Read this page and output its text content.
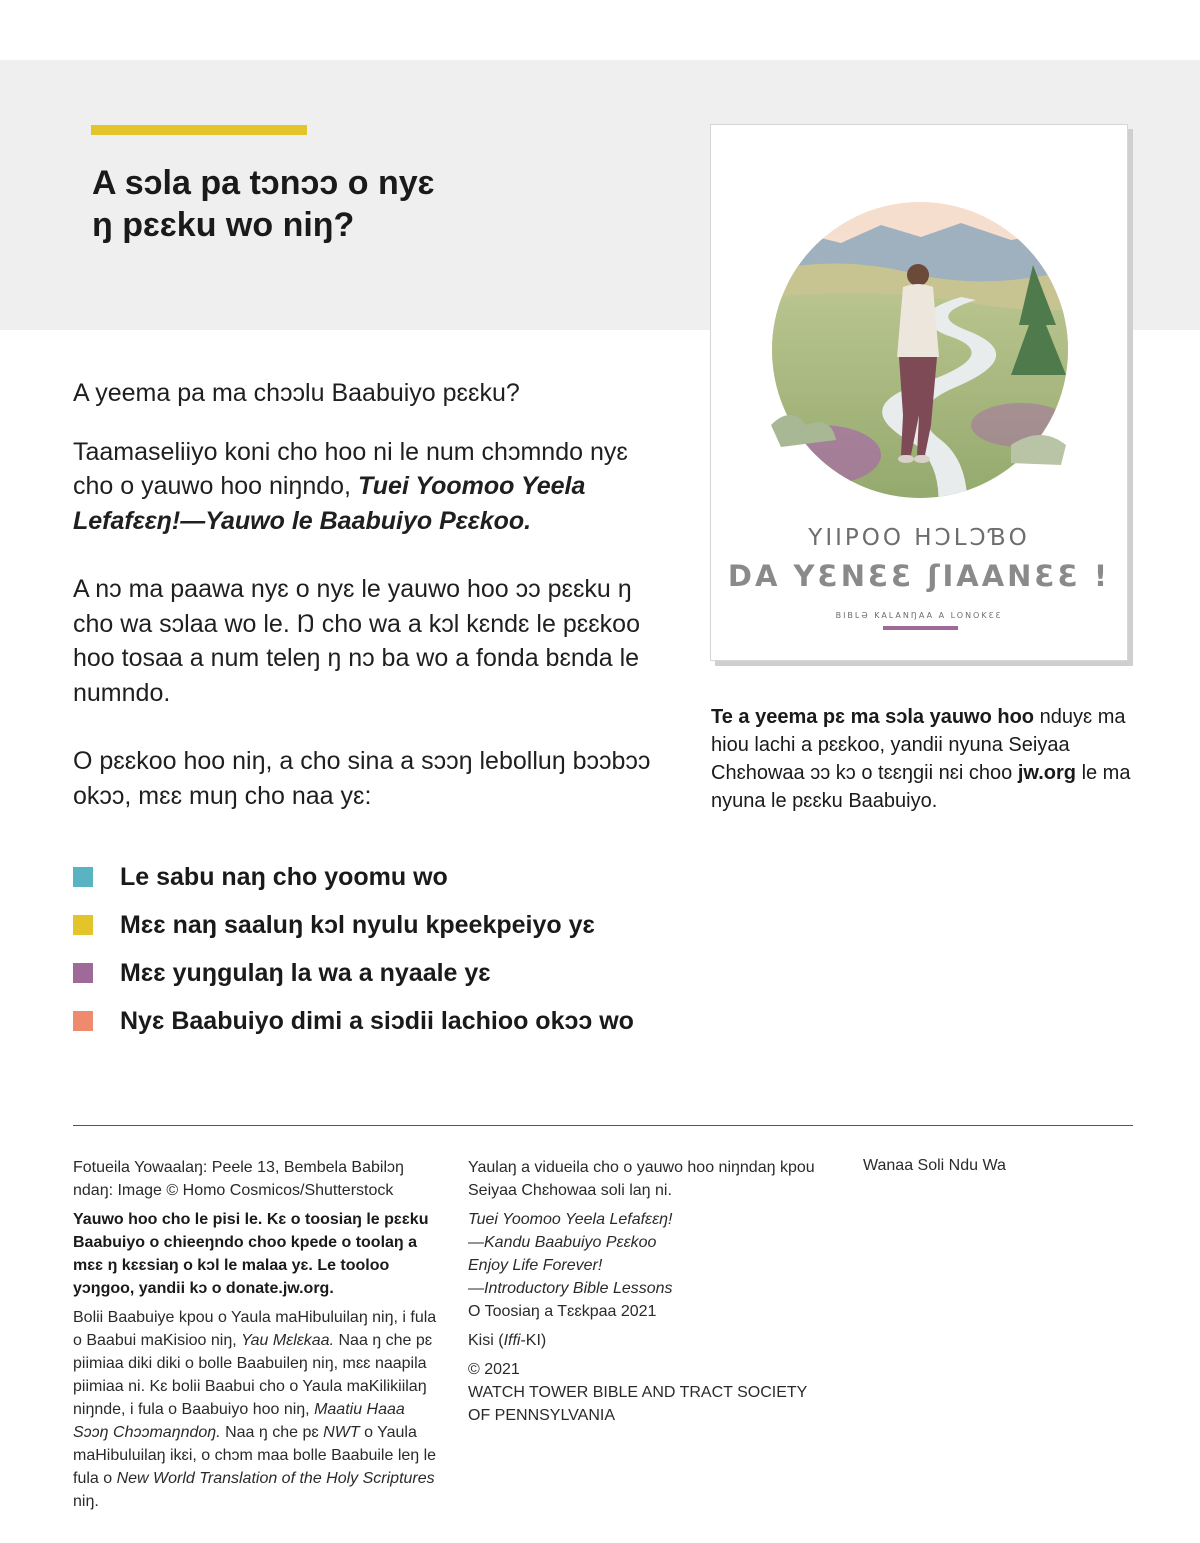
A sɔla pa tɔnɔɔ o nyɛ
ŋ pɛɛku wo niŋ?

A yeema pa ma chɔɔlu Baabuiyo pɛɛku?

Taamaseliiyo koni cho hoo ni le num chɔmndo nyɛ cho o yauwo hoo niŋndo, Tuei Yoomoo Yeela Lefafɛɛŋ!—Yauwo le Baabuiyo Pɛɛkoo.

A nɔ ma paawa nyɛ o nyɛ le yauwo hoo ɔɔ pɛɛku ŋ cho wa sɔlaa wo le. Ŋ cho wa a kɔl kɛndɛ le pɛɛkoo hoo tosaa a num teleŋ ŋ nɔ ba wo a fonda bɛnda le numndo.

O pɛɛkoo hoo niŋ, a cho sina a sɔɔŋ lebolluŋ bɔɔbɔɔ okɔɔ, mɛɛ muŋ cho naa yɛ:

Le sabu naŋ cho yoomu wo
Mɛɛ naŋ saaluŋ kɔl nyulu kpeekpeiyo yɛ
Mɛɛ yuŋgulaŋ la wa a nyaale yɛ
Nyɛ Baabuiyo dimi a siɔdii lachioo okɔɔ wo
YIIPOO HƆLƆƁO
DA YƐNƐƐ ʃIAANƐƐ !
BIBLƏ KALANŊAA A LONOKƐƐ
Te a yeema pɛ ma sɔla yauwo hoo nduyɛ ma hiou lachi a pɛɛkoo, yandii nyuna Seiyaa Chɛhowaa ɔɔ kɔ o tɛɛŋgii nɛi choo jw.org le ma nyuna le pɛɛku Baabuiyo.

Fotueila Yowaalaŋ: Peele 13, Bembela Babilɔŋ ndaŋ: Image © Homo Cosmicos/Shutterstock

Yauwo hoo cho le pisi le. Kɛ o toosiaŋ le pɛɛku Baabuiyo o chieeŋndo choo kpede o toolaŋ a mɛɛ ŋ kɛɛsiaŋ o kɔl le malaa yɛ. Le tooloo yɔŋgoo, yandii kɔ o donate.jw.org.

Bolii Baabuiye kpou o Yaula maHibuluilaŋ niŋ, i fula o Baabui maKisioo niŋ, Yau Mɛlɛkaa. Naa ŋ che pɛ piimiaa diki diki o bolle Baabuileŋ niŋ, mɛɛ naapila piimiaa ni. Kɛ bolii Baabui cho o Yaula maKilikiilaŋ niŋnde, i fula o Baabuiyo hoo niŋ, Maatiu Haaa Sɔɔŋ Chɔɔmaŋndoŋ. Naa ŋ che pɛ NWT o Yaula maHibuluilaŋ ikɛi, o chɔm maa bolle Baabuile leŋ le fula o New World Translation of the Holy Scriptures niŋ.

Yaulaŋ a vidueila cho o yauwo hoo niŋndaŋ kpou Seiyaa Chɛhowaa soli laŋ ni.

Tuei Yoomoo Yeela Lefafɛɛŋ!
—Kandu Baabuiyo Pɛɛkoo
Enjoy Life Forever!
—Introductory Bible Lessons
O Toosiaŋ a Tɛɛkpaa 2021

Kisi (Iffi-KI)

© 2021
WATCH TOWER BIBLE AND TRACT SOCIETY
OF PENNSYLVANIA

Wanaa Soli Ndu Wa
